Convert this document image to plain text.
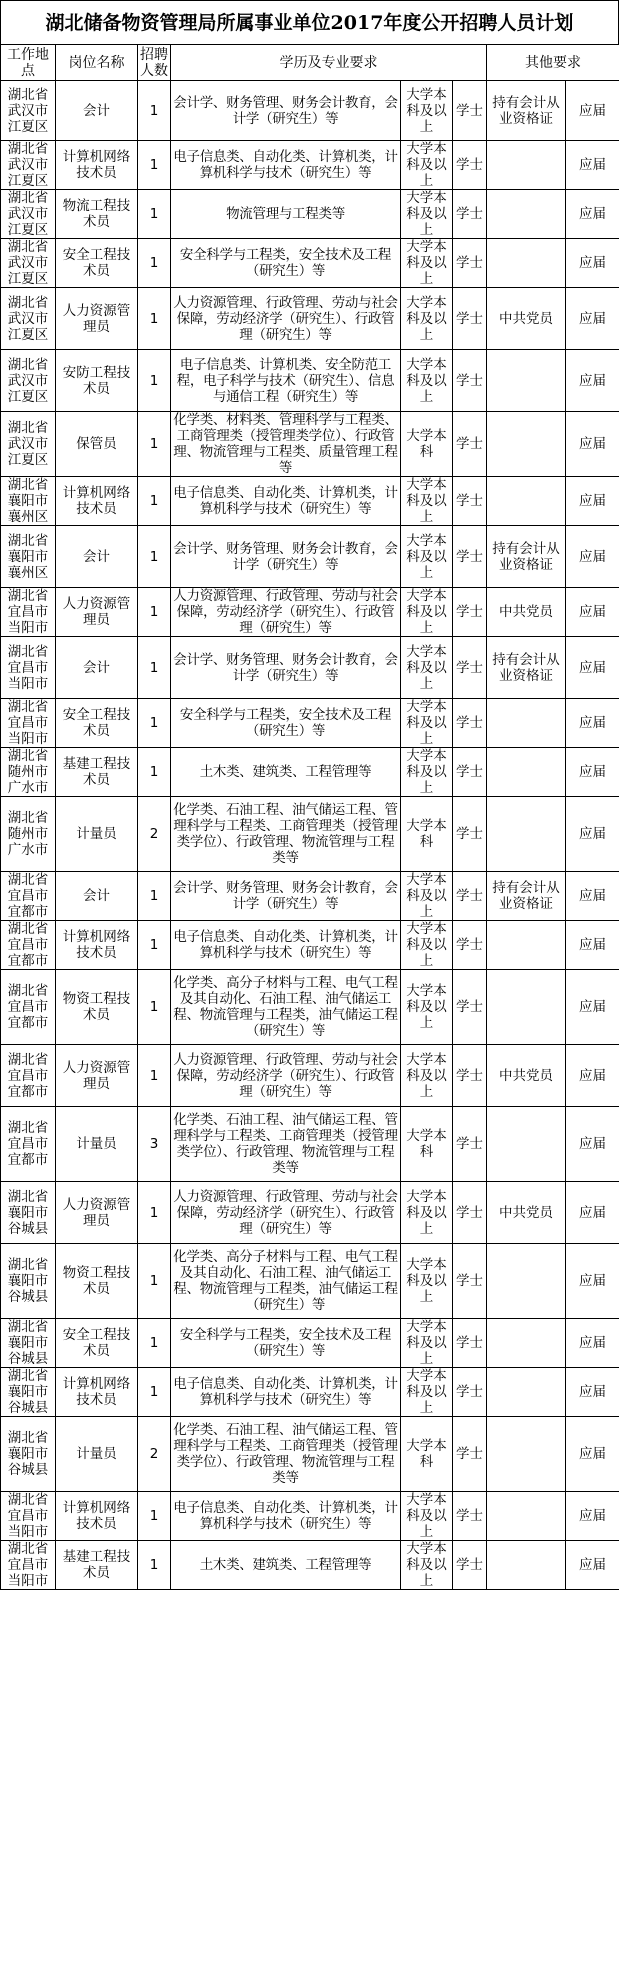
湖北储备物资管理局所属事业单位2017年度公开招聘人员计划
工作地点	岗位名称	招聘人数	学历及专业要求			其他要求	
湖北省武汉市江夏区	会计	1	会计学、财务管理、财务会计教育，会计学（研究生）等	大学本科及以上	学士	持有会计从业资格证	应届
湖北省武汉市江夏区	计算机网络技术员	1	电子信息类、自动化类、计算机类，计算机科学与技术（研究生）等	大学本科及以上	学士		应届
湖北省武汉市江夏区	物流工程技术员	1	物流管理与工程类等	大学本科及以上	学士		应届
湖北省武汉市江夏区	安全工程技术员	1	安全科学与工程类，安全技术及工程（研究生）等	大学本科及以上	学士		应届
湖北省武汉市江夏区	人力资源管理员	1	人力资源管理、行政管理、劳动与社会保障，劳动经济学（研究生）、行政管理（研究生）等	大学本科及以上	学士	中共党员	应届
湖北省武汉市江夏区	安防工程技术员	1	电子信息类、计算机类、安全防范工程，电子科学与技术（研究生）、信息与通信工程（研究生）等	大学本科及以上	学士		应届
湖北省武汉市江夏区	保管员	1	化学类、材料类、管理科学与工程类、工商管理类（授管理类学位）、行政管理、物流管理与工程类、质量管理工程等	大学本科	学士		应届
湖北省襄阳市襄州区	计算机网络技术员	1	电子信息类、自动化类、计算机类，计算机科学与技术（研究生）等	大学本科及以上	学士		应届
湖北省襄阳市襄州区	会计	1	会计学、财务管理、财务会计教育，会计学（研究生）等	大学本科及以上	学士	持有会计从业资格证	应届
湖北省宜昌市当阳市	人力资源管理员	1	人力资源管理、行政管理、劳动与社会保障，劳动经济学（研究生）、行政管理（研究生）等	大学本科及以上	学士	中共党员	应届
湖北省宜昌市当阳市	会计	1	会计学、财务管理、财务会计教育，会计学（研究生）等	大学本科及以上	学士	持有会计从业资格证	应届
湖北省宜昌市当阳市	安全工程技术员	1	安全科学与工程类，安全技术及工程（研究生）等	大学本科及以上	学士		应届
湖北省随州市广水市	基建工程技术员	1	土木类、建筑类、工程管理等	大学本科及以上	学士		应届
湖北省随州市广水市	计量员	2	化学类、石油工程、油气储运工程、管理科学与工程类、工商管理类（授管理类学位）、行政管理、物流管理与工程类等	大学本科	学士		应届
湖北省宜昌市宜都市	会计	1	会计学、财务管理、财务会计教育，会计学（研究生）等	大学本科及以上	学士	持有会计从业资格证	应届
湖北省宜昌市宜都市	计算机网络技术员	1	电子信息类、自动化类、计算机类，计算机科学与技术（研究生）等	大学本科及以上	学士		应届
湖北省宜昌市宜都市	物资工程技术员	1	化学类、高分子材料与工程、电气工程及其自动化、石油工程、油气储运工程、物流管理与工程类，油气储运工程（研究生）等	大学本科及以上	学士		应届
湖北省宜昌市宜都市	人力资源管理员	1	人力资源管理、行政管理、劳动与社会保障，劳动经济学（研究生）、行政管理（研究生）等	大学本科及以上	学士	中共党员	应届
湖北省宜昌市宜都市	计量员	3	化学类、石油工程、油气储运工程、管理科学与工程类、工商管理类（授管理类学位）、行政管理、物流管理与工程类等	大学本科	学士		应届
湖北省襄阳市谷城县	人力资源管理员	1	人力资源管理、行政管理、劳动与社会保障，劳动经济学（研究生）、行政管理（研究生）等	大学本科及以上	学士	中共党员	应届
湖北省襄阳市谷城县	物资工程技术员	1	化学类、高分子材料与工程、电气工程及其自动化、石油工程、油气储运工程、物流管理与工程类，油气储运工程（研究生）等	大学本科及以上	学士		应届
湖北省襄阳市谷城县	安全工程技术员	1	安全科学与工程类，安全技术及工程（研究生）等	大学本科及以上	学士		应届
湖北省襄阳市谷城县	计算机网络技术员	1	电子信息类、自动化类、计算机类，计算机科学与技术（研究生）等	大学本科及以上	学士		应届
湖北省襄阳市谷城县	计量员	2	化学类、石油工程、油气储运工程、管理科学与工程类、工商管理类（授管理类学位）、行政管理、物流管理与工程类等	大学本科	学士		应届
湖北省宜昌市当阳市	计算机网络技术员	1	电子信息类、自动化类、计算机类，计算机科学与技术（研究生）等	大学本科及以上	学士		应届
湖北省宜昌市当阳市	基建工程技术员	1	土木类、建筑类、工程管理等	大学本科及以上	学士		应届
